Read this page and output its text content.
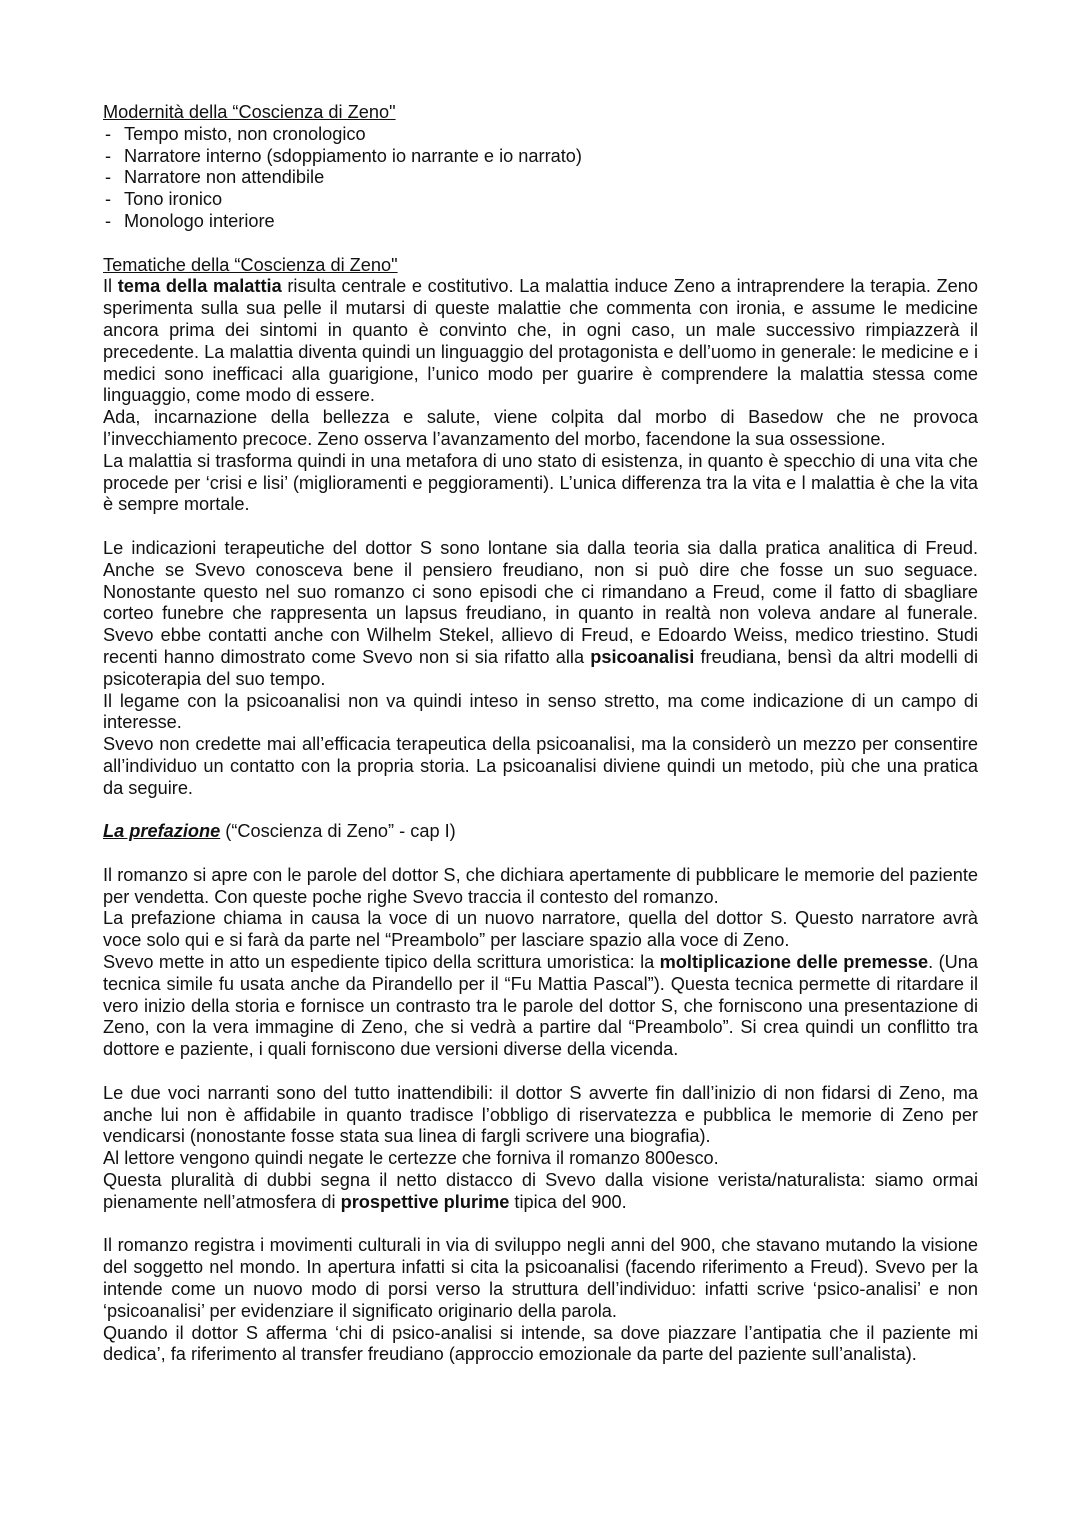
Modernità della “Coscienza di Zeno"
- Tempo misto, non cronologico
- Narratore interno (sdoppiamento io narrante e io narrato)
- Narratore non attendibile
- Tono ironico
- Monologo interiore
Tematiche della “Coscienza di Zeno"

Il tema della malattia risulta centrale e costitutivo. La malattia induce Zeno a intraprendere la terapia. Zeno sperimenta sulla sua pelle il mutarsi di queste malattie che commenta con ironia, e assume le medicine ancora prima dei sintomi in quanto è convinto che, in ogni caso, un male successivo rimpiazzerà il precedente. La malattia diventa quindi un linguaggio del protagonista e dell’uomo in generale: le medicine e i medici sono inefficaci alla guarigione, l’unico modo per guarire è comprendere la malattia stessa come linguaggio, come modo di essere.

Ada, incarnazione della bellezza e salute, viene colpita dal morbo di Basedow che ne provoca l’invecchiamento precoce. Zeno osserva l’avanzamento del morbo, facendone la sua ossessione.

La malattia si trasforma quindi in una metafora di uno stato di esistenza, in quanto è specchio di una vita che procede per ‘crisi e lisi’ (miglioramenti e peggioramenti). L’unica differenza tra la vita e l malattia è che la vita è sempre mortale.

Le indicazioni terapeutiche del dottor S sono lontane sia dalla teoria sia dalla pratica analitica di Freud. Anche se Svevo conosceva bene il pensiero freudiano, non si può dire che fosse un suo seguace. Nonostante questo nel suo romanzo ci sono episodi che ci rimandano a Freud, come il fatto di sbagliare corteo funebre che rappresenta un lapsus freudiano, in quanto in realtà non voleva andare al funerale. Svevo ebbe contatti anche con Wilhelm Stekel, allievo di Freud, e Edoardo Weiss, medico triestino. Studi recenti hanno dimostrato come Svevo non si sia rifatto alla psicoanalisi freudiana, bensì da altri modelli di psicoterapia del suo tempo.

Il legame con la psicoanalisi non va quindi inteso in senso stretto, ma come indicazione di un campo di interesse.

Svevo non credette mai all’efficacia terapeutica della psicoanalisi, ma la considerò un mezzo per consentire all’individuo un contatto con la propria storia. La psicoanalisi diviene quindi un metodo, più che una pratica da seguire.

La prefazione (“Coscienza di Zeno” - cap I)

Il romanzo si apre con le parole del dottor S, che dichiara apertamente di pubblicare le memorie del paziente per vendetta. Con queste poche righe Svevo traccia il contesto del romanzo.

La prefazione chiama in causa la voce di un nuovo narratore, quella del dottor S. Questo narratore avrà voce solo qui e si farà da parte nel “Preambolo” per lasciare spazio alla voce di Zeno.

Svevo mette in atto un espediente tipico della scrittura umoristica: la moltiplicazione delle premesse. (Una tecnica simile fu usata anche da Pirandello per il “Fu Mattia Pascal”). Questa tecnica permette di ritardare il vero inizio della storia e fornisce un contrasto tra le parole del dottor S, che forniscono una presentazione di Zeno, con la vera immagine di Zeno, che si vedrà a partire dal “Preambolo”. Si crea quindi un conflitto tra dottore e paziente, i quali forniscono due versioni diverse della vicenda.

Le due voci narranti sono del tutto inattendibili: il dottor S avverte fin dall’inizio di non fidarsi di Zeno, ma anche lui non è affidabile in quanto tradisce l’obbligo di riservatezza e pubblica le memorie di Zeno per vendicarsi (nonostante fosse stata sua linea di fargli scrivere una biografia).

Al lettore vengono quindi negate le certezze che forniva il romanzo 800esco.

Questa pluralità di dubbi segna il netto distacco di Svevo dalla visione verista/naturalista: siamo ormai pienamente nell’atmosfera di prospettive plurime tipica del 900.

Il romanzo registra i movimenti culturali in via di sviluppo negli anni del 900, che stavano mutando la visione del soggetto nel mondo. In apertura infatti si cita la psicoanalisi (facendo riferimento a Freud). Svevo per la intende come un nuovo modo di porsi verso la struttura dell’individuo: infatti scrive ‘psico-analisi’ e non ‘psicoanalisi’ per evidenziare il significato originario della parola.

Quando il dottor S afferma ‘chi di psico-analisi si intende, sa dove piazzare l’antipatia che il paziente mi dedica’, fa riferimento al transfer freudiano (approccio emozionale da parte del paziente sull’analista).
